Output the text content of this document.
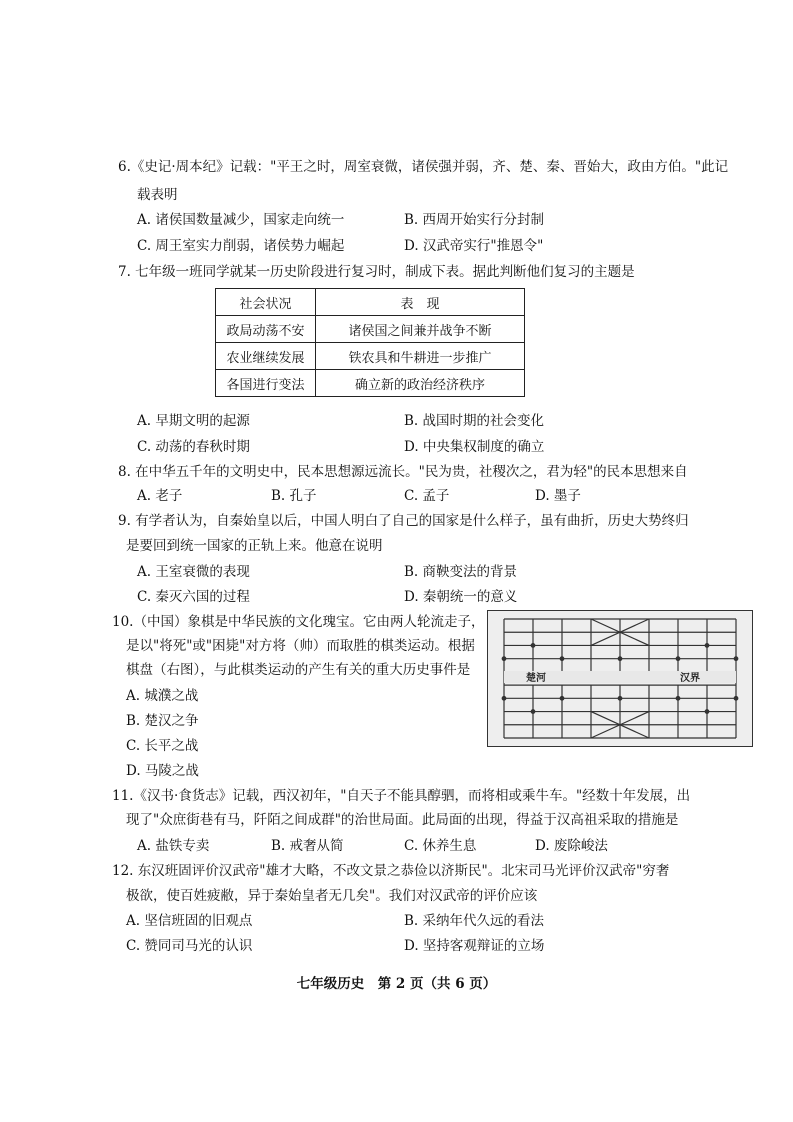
6.《史记·周本纪》记载："平王之时，周室衰微，诸侯强并弱，齐、楚、秦、晋始大，政由方伯。"此记
载表明
A. 诸侯国数量减少，国家走向统一	B. 西周开始实行分封制
C. 周王室实力削弱，诸侯势力崛起	D. 汉武帝实行"推恩令"
7. 七年级一班同学就某一历史阶段进行复习时，制成下表。据此判断他们复习的主题是
社会状况	表　现
政局动荡不安	诸侯国之间兼并战争不断
农业继续发展	铁农具和牛耕进一步推广
各国进行变法	确立新的政治经济秩序
A. 早期文明的起源	B. 战国时期的社会变化
C. 动荡的春秋时期	D. 中央集权制度的确立
8. 在中华五千年的文明史中，民本思想源远流长。"民为贵，社稷次之，君为轻"的民本思想来自
A. 老子	B. 孔子	C. 孟子	D. 墨子
9. 有学者认为，自秦始皇以后，中国人明白了自己的国家是什么样子，虽有曲折，历史大势终归
是要回到统一国家的正轨上来。他意在说明
A. 王室衰微的表现	B. 商鞅变法的背景
C. 秦灭六国的过程	D. 秦朝统一的意义
10.（中国）象棋是中华民族的文化瑰宝。它由两人轮流走子，
是以"将死"或"困毙"对方将（帅）而取胜的棋类运动。根据
棋盘（右图），与此棋类运动的产生有关的重大历史事件是
A. 城濮之战
B. 楚汉之争
C. 长平之战
D. 马陵之战
楚河	汉界
11.《汉书·食货志》记载，西汉初年，"自天子不能具醇驷，而将相或乘牛车。"经数十年发展，出
现了"众庶街巷有马，阡陌之间成群"的治世局面。此局面的出现，得益于汉高祖采取的措施是
A. 盐铁专卖	B. 戒奢从简	C. 休养生息	D. 废除峻法
12. 东汉班固评价汉武帝"雄才大略，不改文景之恭俭以济斯民"。北宋司马光评价汉武帝"穷奢
极欲，使百姓疲敝，异于秦始皇者无几矣"。我们对汉武帝的评价应该
A. 坚信班固的旧观点	B. 采纳年代久远的看法
C. 赞同司马光的认识	D. 坚持客观辩证的立场
七年级历史　第 2 页（共 6 页）
